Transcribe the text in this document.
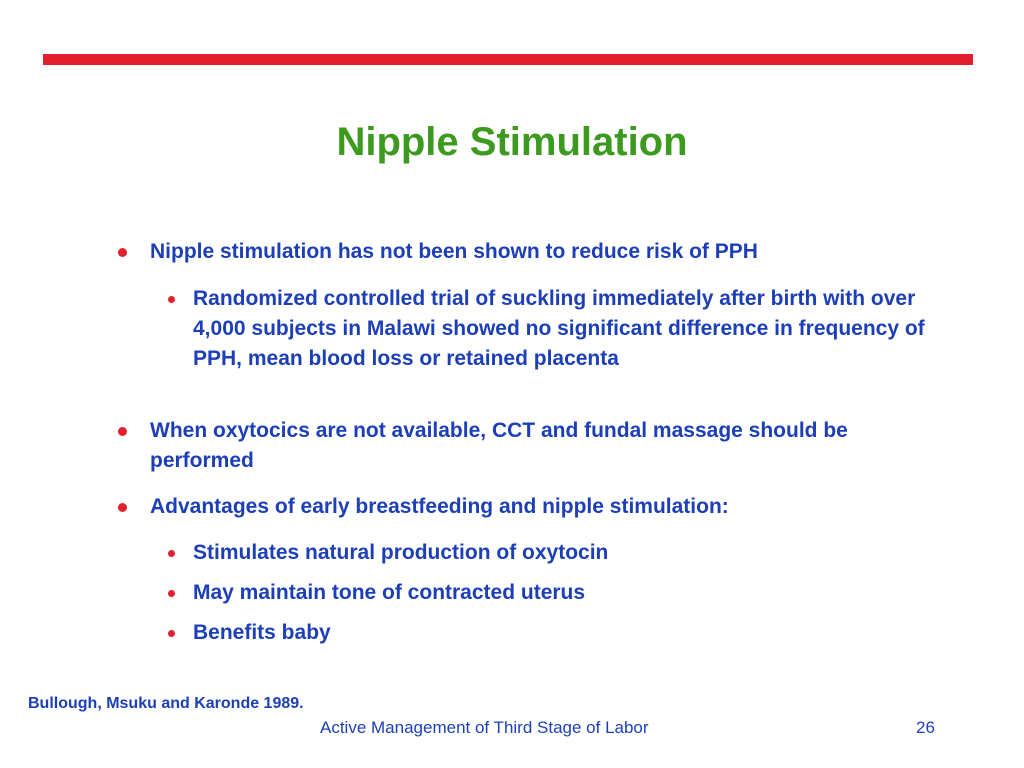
Nipple Stimulation
Nipple stimulation has not been shown to reduce risk of PPH
Randomized controlled trial of suckling immediately after birth with over 4,000 subjects in Malawi showed no significant difference in frequency of PPH, mean blood loss or retained placenta
When oxytocics are not available, CCT and fundal massage should be performed
Advantages of early breastfeeding and nipple stimulation:
Stimulates natural production of oxytocin
May maintain tone of contracted uterus
Benefits baby
Bullough, Msuku and Karonde 1989.
Active Management of Third Stage of Labor	26
